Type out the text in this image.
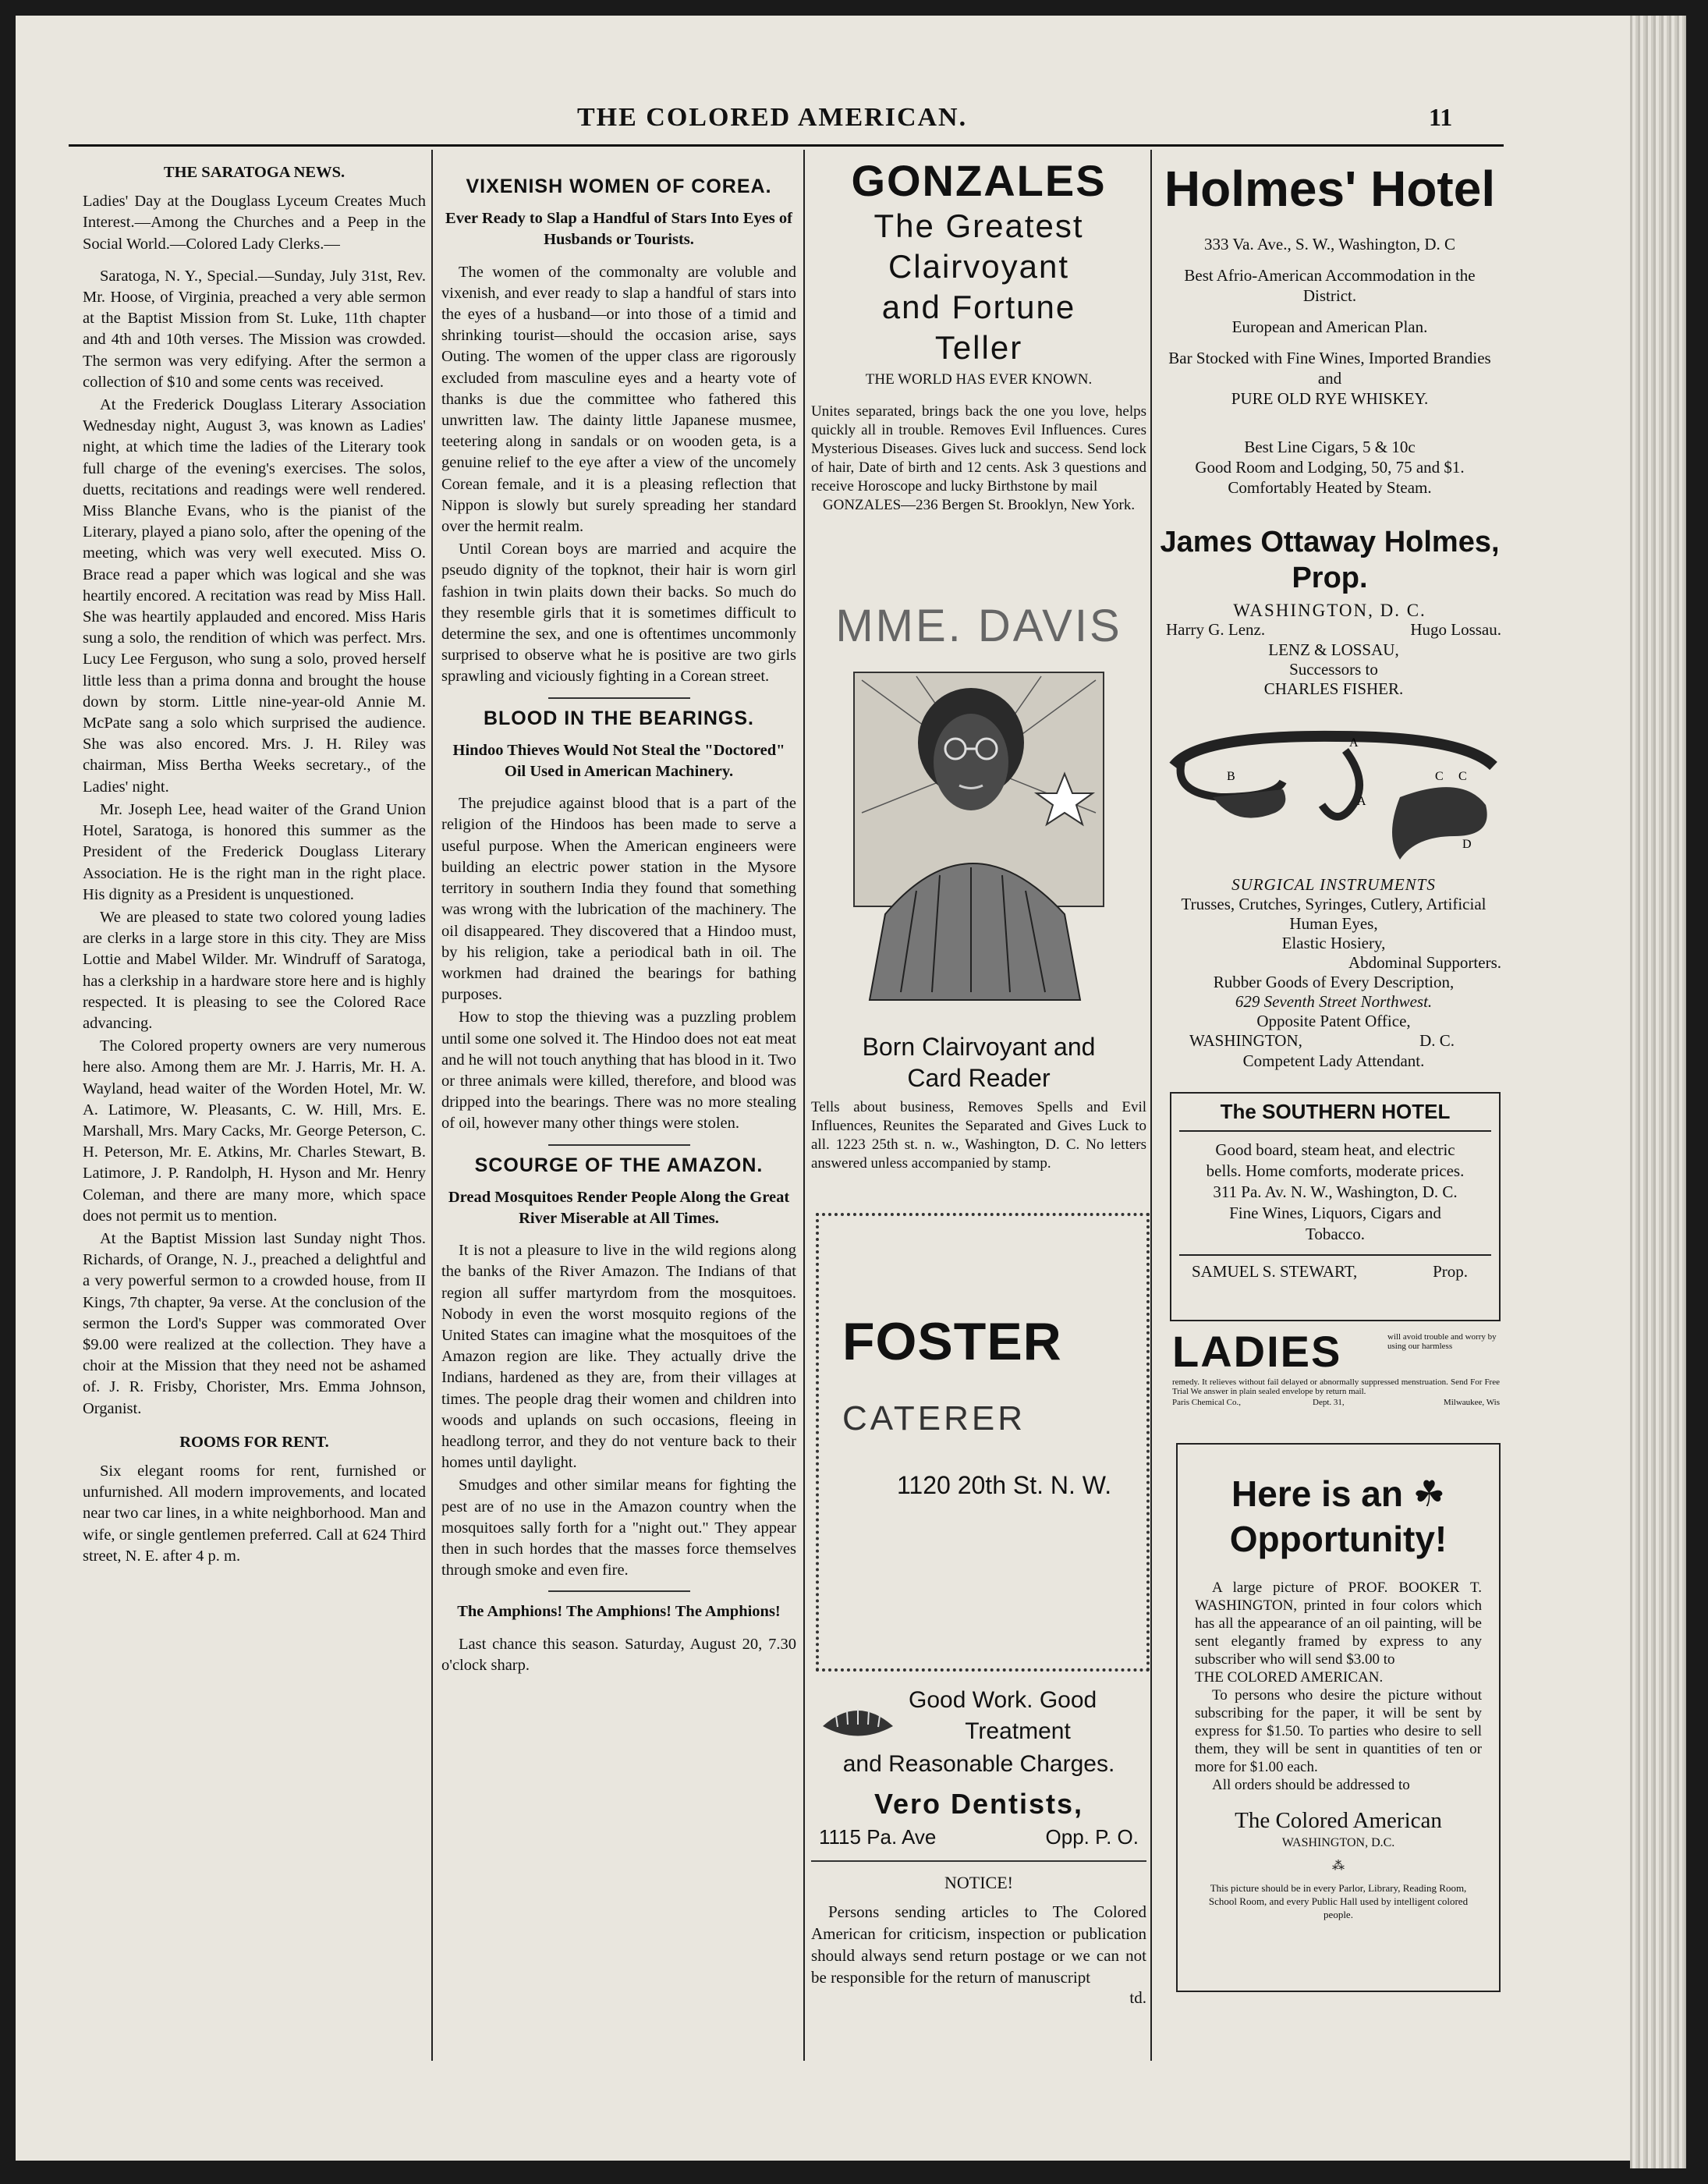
THE COLORED AMERICAN.	11

THE SARATOGA NEWS.

Ladies' Day at the Douglass Lyceum Creates Much Interest.—Among the Churches and a Peep in the Social World.—Colored Lady Clerks.—

Saratoga, N. Y., Special.—Sunday, July 31st, Rev. Mr. Hoose, of Virginia, preached a very able sermon at the Baptist Mission from St. Luke, 11th chapter and 4th and 10th verses. The Mission was crowded. The sermon was very edifying. After the sermon a collection of $10 and some cents was received.

At the Frederick Douglass Literary Association Wednesday night, August 3, was known as Ladies' night, at which time the ladies of the Literary took full charge of the evening's exercises. The solos, duetts, recitations and readings were well rendered. Miss Blanche Evans, who is the pianist of the Literary, played a piano solo, after the opening of the meeting, which was very well executed. Miss O. Brace read a paper which was logical and she was heartily encored. A recitation was read by Miss Hall. She was heartily applauded and encored. Miss Haris sung a solo, the rendition of which was perfect. Mrs. Lucy Lee Ferguson, who sung a solo, proved herself little less than a prima donna and brought the house down by storm. Little nine-year-old Annie M. McPate sang a solo which surprised the audience. She was also encored. Mrs. J. H. Riley was chairman, Miss Bertha Weeks secretary., of the Ladies' night.

Mr. Joseph Lee, head waiter of the Grand Union Hotel, Saratoga, is honored this summer as the President of the Frederick Douglass Literary Association. He is the right man in the right place. His dignity as a President is unquestioned.

We are pleased to state two colored young ladies are clerks in a large store in this city. They are Miss Lottie and Mabel Wilder. Mr. Windruff of Saratoga, has a clerkship in a hardware store here and is highly respected. It is pleasing to see the Colored Race advancing.

The Colored property owners are very numerous here also. Among them are Mr. J. Harris, Mr. H. A. Wayland, head waiter of the Worden Hotel, Mr. W. A. Latimore, W. Pleasants, C. W. Hill, Mrs. E. Marshall, Mrs. Mary Cacks, Mr. George Peterson, C. H. Peterson, Mr. E. Atkins, Mr. Charles Stewart, B. Latimore, J. P. Randolph, H. Hyson and Mr. Henry Coleman, and there are many more, which space does not permit us to mention.

At the Baptist Mission last Sunday night Thos. Richards, of Orange, N. J., preached a delightful and a very powerful sermon to a crowded house, from II Kings, 7th chapter, 9a verse. At the conclusion of the sermon the Lord's Supper was commorated Over $9.00 were realized at the collection. They have a choir at the Mission that they need not be ashamed of. J. R. Frisby, Chorister, Mrs. Emma Johnson, Organist.

ROOMS FOR RENT.

Six elegant rooms for rent, furnished or unfurnished. All modern improvements, and located near two car lines, in a white neighborhood. Man and wife, or single gentlemen preferred. Call at 624 Third street, N. E. after 4 p. m.

VIXENISH WOMEN OF COREA.

Ever Ready to Slap a Handful of Stars Into Eyes of Husbands or Tourists.

The women of the commonalty are voluble and vixenish, and ever ready to slap a handful of stars into the eyes of a husband—or into those of a timid and shrinking tourist—should the occasion arise, says Outing. The women of the upper class are rigorously excluded from masculine eyes and a hearty vote of thanks is due the committee who fathered this unwritten law. The dainty little Japanese musmee, teetering along in sandals or on wooden geta, is a genuine relief to the eye after a view of the uncomely Corean female, and it is a pleasing reflection that Nippon is slowly but surely spreading her standard over the hermit realm.

Until Corean boys are married and acquire the pseudo dignity of the topknot, their hair is worn girl fashion in twin plaits down their backs. So much do they resemble girls that it is sometimes difficult to determine the sex, and one is oftentimes uncommonly surprised to observe what he is positive are two girls sprawling and viciously fighting in a Corean street.

BLOOD IN THE BEARINGS.

Hindoo Thieves Would Not Steal the "Doctored" Oil Used in American Machinery.

The prejudice against blood that is a part of the religion of the Hindoos has been made to serve a useful purpose. When the American engineers were building an electric power station in the Mysore territory in southern India they found that something was wrong with the lubrication of the machinery. The oil disappeared. They discovered that a Hindoo must, by his religion, take a periodical bath in oil. The workmen had drained the bearings for bathing purposes.

How to stop the thieving was a puzzling problem until some one solved it. The Hindoo does not eat meat and he will not touch anything that has blood in it. Two or three animals were killed, therefore, and blood was dripped into the bearings. There was no more stealing of oil, however many other things were stolen.

SCOURGE OF THE AMAZON.

Dread Mosquitoes Render People Along the Great River Miserable at All Times.

It is not a pleasure to live in the wild regions along the banks of the River Amazon. The Indians of that region all suffer martyrdom from the mosquitoes. Nobody in even the worst mosquito regions of the United States can imagine what the mosquitoes of the Amazon region are like. They actually drive the Indians, hardened as they are, from their villages at times. The people drag their women and children into woods and uplands on such occasions, fleeing in headlong terror, and they do not venture back to their homes until daylight.

Smudges and other similar means for fighting the pest are of no use in the Amazon country when the mosquitoes sally forth for a "night out." They appear then in such hordes that the masses force themselves through smoke and even fire.

The Amphions! The Amphions! The Amphions!

Last chance this season. Saturday, August 20, 7.30 o'clock sharp.

GONZALES
The Greatest
Clairvoyant
and Fortune
Teller
THE WORLD HAS EVER KNOWN.
Unites separated, brings back the one you love, helps quickly all in trouble. Removes Evil Influences. Cures Mysterious Diseases. Gives luck and success. Send lock of hair, Date of birth and 12 cents. Ask 3 questions and receive Horoscope and lucky Birthstone by mail
GONZALES—236 Bergen St. Brooklyn, New York.
MME. DAVIS
Born Clairvoyant and
Card Reader
Tells about business, Removes Spells and Evil Influences, Reunites the Separated and Gives Luck to all. 1223 25th st. n. w., Washington, D. C. No letters answered unless accompanied by stamp.
FOSTER
CATERER
1120 20th St. N. W.
Good Work. Good
Treatment
and Reasonable Charges.
Vero Dentists,
1115 Pa. Ave	Opp. P. O.
NOTICE!
Persons sending articles to The Colored American for criticism, inspection or publication should always send return postage or we can not be responsible for the return of manuscript
td.
Holmes' Hotel
333 Va. Ave., S. W., Washington, D. C
Best Afrio-American Accommodation in the District.
European and American Plan.
Bar Stocked with Fine Wines, Imported Brandies and
PURE OLD RYE WHISKEY.
Best Line Cigars, 5 & 10c
Good Room and Lodging, 50, 75 and $1.
Comfortably Heated by Steam.
James Ottaway Holmes, Prop.
WASHINGTON, D. C.
Harry G. Lenz.	Hugo Lossau.
LENZ & LOSSAU,
Successors to
CHARLES FISHER.
A
B
A
C C
D
SURGICAL INSTRUMENTS
Trusses, Crutches, Syringes, Cutlery, Artificial Human Eyes,
Elastic Hosiery,
Abdominal Supporters.
Rubber Goods of Every Description,
629 Seventh Street Northwest.
Opposite Patent Office,
WASHINGTON,	D. C.
Competent Lady Attendant.
The SOUTHERN HOTEL
Good board, steam heat, and electric bells. Home comforts, moderate prices. 311 Pa. Av. N. W., Washington, D. C. Fine Wines, Liquors, Cigars and Tobacco.
SAMUEL S. STEWART,	Prop.
LADIES	will avoid trouble and worry by using our harmless
remedy. It relieves without fail delayed or abnormally suppressed menstruation. Send For Free Trial We answer in plain sealed envelope by return mail.
Paris Chemical Co.,	Dept. 31,	Milwaukee, Wis
Here is an ☘
Opportunity!
A large picture of PROF. BOOKER T. WASHINGTON, printed in four colors which has all the appearance of an oil painting, will be sent elegantly framed by express to any subscriber who will send $3.00 to
THE COLORED AMERICAN.
To persons who desire the picture without subscribing for the paper, it will be sent by express for $1.50. To parties who desire to sell them, they will be sent in quantities of ten or more for $1.00 each.
All orders should be addressed to
The Colored American
WASHINGTON, D.C.
⁂
This picture should be in every Parlor, Library, Reading Room, School Room, and every Public Hall used by intelligent colored people.
